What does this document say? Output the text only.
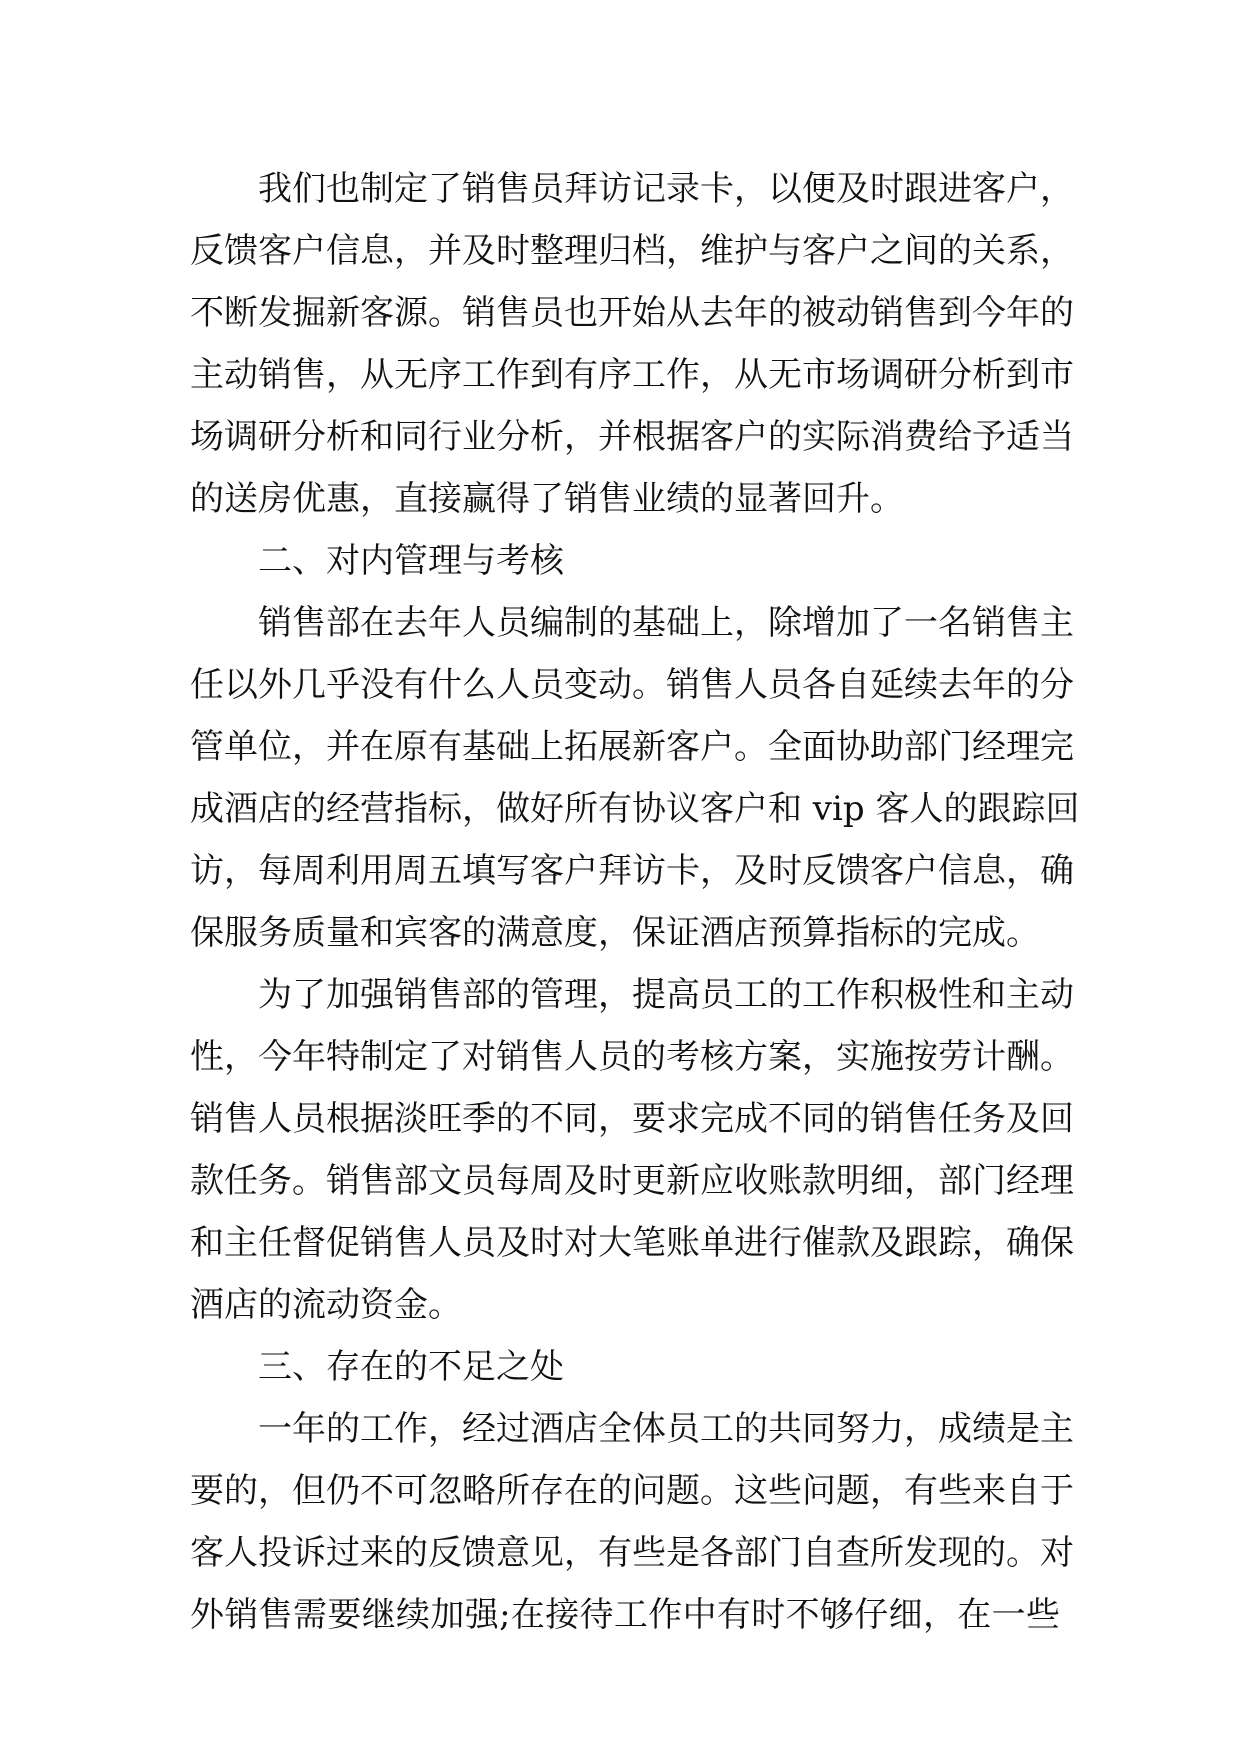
我们也制定了销售员拜访记录卡，以便及时跟进客户，
反馈客户信息，并及时整理归档，维护与客户之间的关系，
不断发掘新客源。销售员也开始从去年的被动销售到今年的
主动销售，从无序工作到有序工作，从无市场调研分析到市
场调研分析和同行业分析，并根据客户的实际消费给予适当
的送房优惠，直接赢得了销售业绩的显著回升。
二、对内管理与考核
销售部在去年人员编制的基础上，除增加了一名销售主
任以外几乎没有什么人员变动。销售人员各自延续去年的分
管单位，并在原有基础上拓展新客户。全面协助部门经理完
成酒店的经营指标，做好所有协议客户和 vip 客人的跟踪回
访，每周利用周五填写客户拜访卡，及时反馈客户信息，确
保服务质量和宾客的满意度，保证酒店预算指标的完成。
为了加强销售部的管理，提高员工的工作积极性和主动
性，今年特制定了对销售人员的考核方案，实施按劳计酬。
销售人员根据淡旺季的不同，要求完成不同的销售任务及回
款任务。销售部文员每周及时更新应收账款明细，部门经理
和主任督促销售人员及时对大笔账单进行催款及跟踪，确保
酒店的流动资金。
三、存在的不足之处
一年的工作，经过酒店全体员工的共同努力，成绩是主
要的，但仍不可忽略所存在的问题。这些问题，有些来自于
客人投诉过来的反馈意见，有些是各部门自查所发现的。对
外销售需要继续加强;在接待工作中有时不够仔细，在一些
